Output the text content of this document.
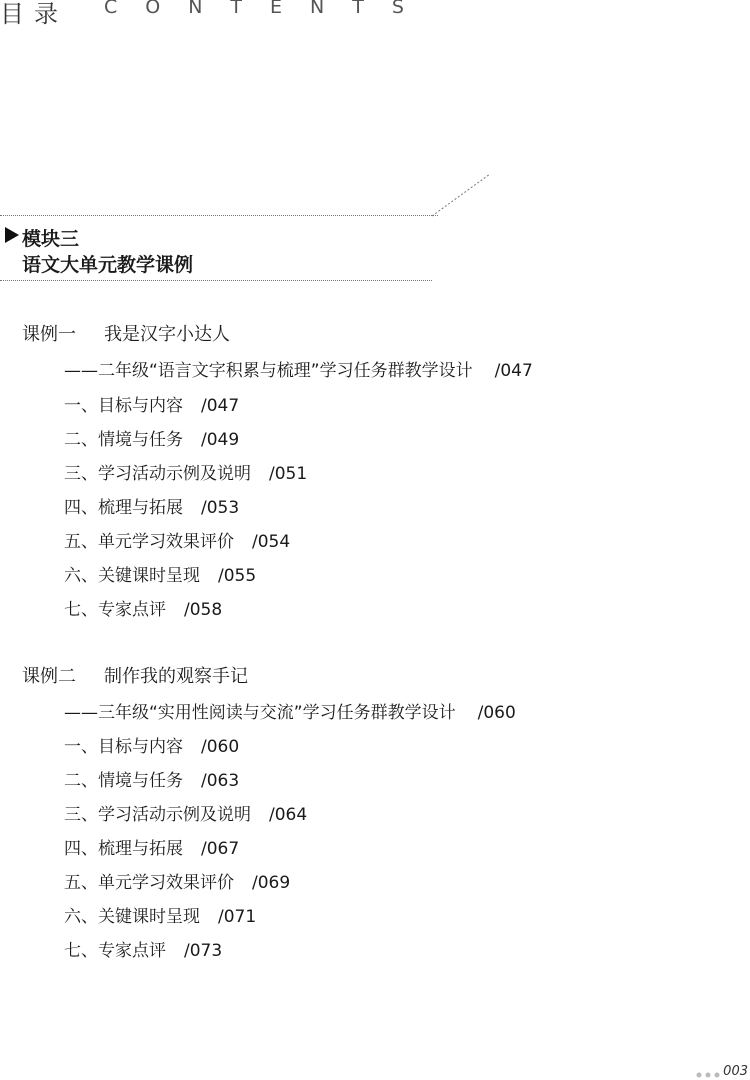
目录 CONTENTS
模块三
语文大单元教学课例
课例一 我是汉字小达人
——二年级“语言文字积累与梳理”学习任务群教学设计 /047
一、目标与内容 /047
二、情境与任务 /049
三、学习活动示例及说明 /051
四、梳理与拓展 /053
五、单元学习效果评价 /054
六、关键课时呈现 /055
七、专家点评 /058
课例二 制作我的观察手记
——三年级“实用性阅读与交流”学习任务群教学设计 /060
一、目标与内容 /060
二、情境与任务 /063
三、学习活动示例及说明 /064
四、梳理与拓展 /067
五、单元学习效果评价 /069
六、关键课时呈现 /071
七、专家点评 /073
003
